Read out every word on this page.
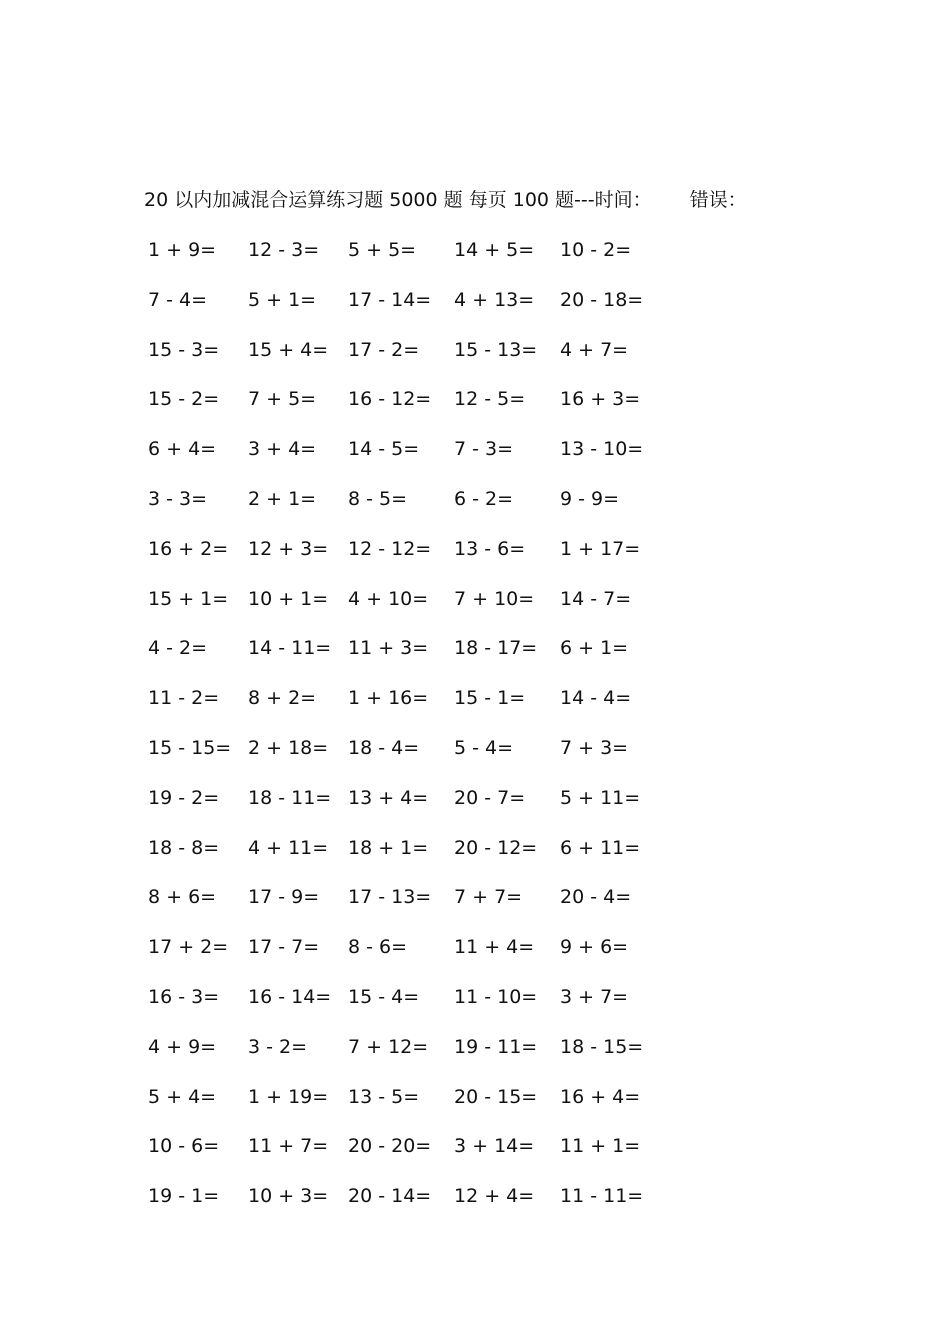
20 以内加减混合运算练习题 5000 题 每页 100 题---时间： 错误：
1 + 9= 12 - 3= 5 + 5= 14 + 5= 10 - 2=
7 - 4= 5 + 1= 17 - 14= 4 + 13= 20 - 18=
15 - 3= 15 + 4= 17 - 2= 15 - 13= 4 + 7=
15 - 2= 7 + 5= 16 - 12= 12 - 5= 16 + 3=
6 + 4= 3 + 4= 14 - 5= 7 - 3= 13 - 10=
3 - 3= 2 + 1= 8 - 5= 6 - 2= 9 - 9=
16 + 2= 12 + 3= 12 - 12= 13 - 6= 1 + 17=
15 + 1= 10 + 1= 4 + 10= 7 + 10= 14 - 7=
4 - 2= 14 - 11= 11 + 3= 18 - 17= 6 + 1=
11 - 2= 8 + 2= 1 + 16= 15 - 1= 14 - 4=
15 - 15= 2 + 18= 18 - 4= 5 - 4= 7 + 3=
19 - 2= 18 - 11= 13 + 4= 20 - 7= 5 + 11=
18 - 8= 4 + 11= 18 + 1= 20 - 12= 6 + 11=
8 + 6= 17 - 9= 17 - 13= 7 + 7= 20 - 4=
17 + 2= 17 - 7= 8 - 6= 11 + 4= 9 + 6=
16 - 3= 16 - 14= 15 - 4= 11 - 10= 3 + 7=
4 + 9= 3 - 2= 7 + 12= 19 - 11= 18 - 15=
5 + 4= 1 + 19= 13 - 5= 20 - 15= 16 + 4=
10 - 6= 11 + 7= 20 - 20= 3 + 14= 11 + 1=
19 - 1= 10 + 3= 20 - 14= 12 + 4= 11 - 11=
